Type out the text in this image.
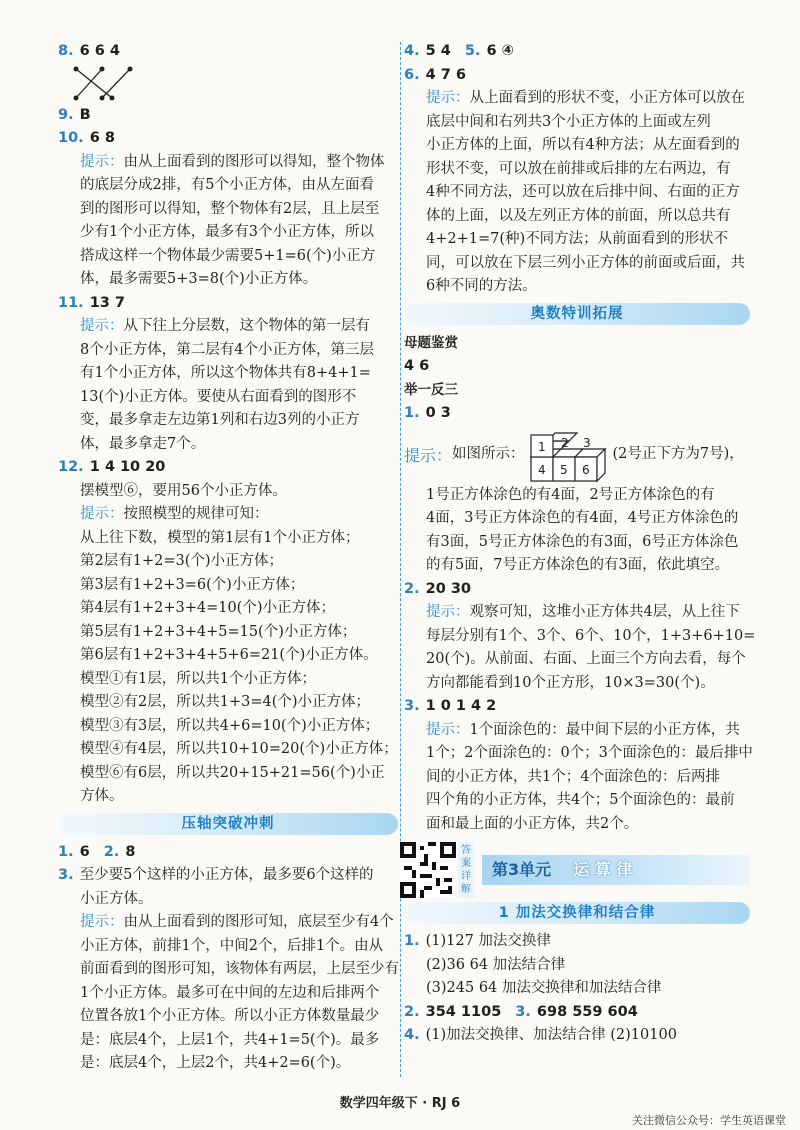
8. 6 6 4
9. B
10. 6 8
提示：由从上面看到的图形可以得知，整个物体
的底层分成2排，有5个小正方体，由从左面看
到的图形可以得知，整个物体有2层，且上层至
少有1个小正方体，最多有3个小正方体，所以
搭成这样一个物体最少需要5+1=6(个)小正方
体，最多需要5+3=8(个)小正方体。
11. 13 7
提示：从下往上分层数，这个物体的第一层有
8个小正方体，第二层有4个小正方体，第三层
有1个小正方体，所以这个物体共有8+4+1=
13(个)小正方体。要使从右面看到的图形不
变，最多拿走左边第1列和右边3列的小正方
体，最多拿走7个。
12. 1 4 10 20
摆模型⑥，要用56个小正方体。
提示：按照模型的规律可知：
从上往下数，模型的第1层有1个小正方体；
第2层有1+2=3(个)小正方体；
第3层有1+2+3=6(个)小正方体；
第4层有1+2+3+4=10(个)小正方体；
第5层有1+2+3+4+5=15(个)小正方体；
第6层有1+2+3+4+5+6=21(个)小正方体。
模型①有1层，所以共1个小正方体；
模型②有2层，所以共1+3=4(个)小正方体；
模型③有3层，所以共4+6=10(个)小正方体；
模型④有4层，所以共10+10=20(个)小正方体；
模型⑥有6层，所以共20+15+21=56(个)小正
方体。
压轴突破冲刺
1. 6 2. 8
3. 至少要5个这样的小正方体，最多要6个这样的
小正方体。
提示：由从上面看到的图形可知，底层至少有4个
小正方体，前排1个，中间2个，后排1个。由从
前面看到的图形可知，该物体有两层，上层至少有
1个小正方体。最多可在中间的左边和后排两个
位置各放1个小正方体。所以小正方体数量最少
是：底层4个，上层1个，共4+1=5(个)。最多
是：底层4个，上层2个，共4+2=6(个)。
4. 5 4 5. 6 ④
6. 4 7 6
提示：从上面看到的形状不变，小正方体可以放在
底层中间和右列共3个小正方体的上面或左列
小正方体的上面，所以有4种方法；从左面看到的
形状不变，可以放在前排或后排的左右两边，有
4种不同方法，还可以放在后排中间、右面的正方
体的上面，以及左列正方体的前面，所以总共有
4+2+1=7(种)不同方法；从前面看到的形状不
同，可以放在下层三列小正方体的前面或后面，共
6种不同的方法。
奥数特训拓展
母题鉴赏
4 6
举一反三
1. 0 3
提示： 如图所示： 1 2 3
4 5 6
(2号正下方为7号)，
1号正方体涂色的有4面，2号正方体涂色的有
4面，3号正方体涂色的有4面，4号正方体涂色的
有3面，5号正方体涂色的有3面，6号正方体涂色
的有5面，7号正方体涂色的有3面，依此填空。
2. 20 30
提示：观察可知，这堆小正方体共4层，从上往下
每层分别有1个、3个、6个、10个，1+3+6+10=
20(个)。从前面、右面、上面三个方向去看，每个
方向都能看到10个正方形，10×3=30(个)。
3. 1 0 1 4 2
提示：1个面涂色的：最中间下层的小正方体，共
1个；2个面涂色的：0个；3个面涂色的：最后排中
间的小正方体，共1个；4个面涂色的：后两排
四个角的小正方体，共4个；5个面涂色的：最前
面和最上面的小正方体，共2个。
答案详解
第3单元 运 算 律
1 加法交换律和结合律
1. (1)127 加法交换律
(2)36 64 加法结合律
(3)245 64 加法交换律和加法结合律
2. 354 1105 3. 698 559 604
4. (1)加法交换律、加法结合律 (2)10100
数学四年级下 · RJ 6
关注微信公众号：学生英语课堂
